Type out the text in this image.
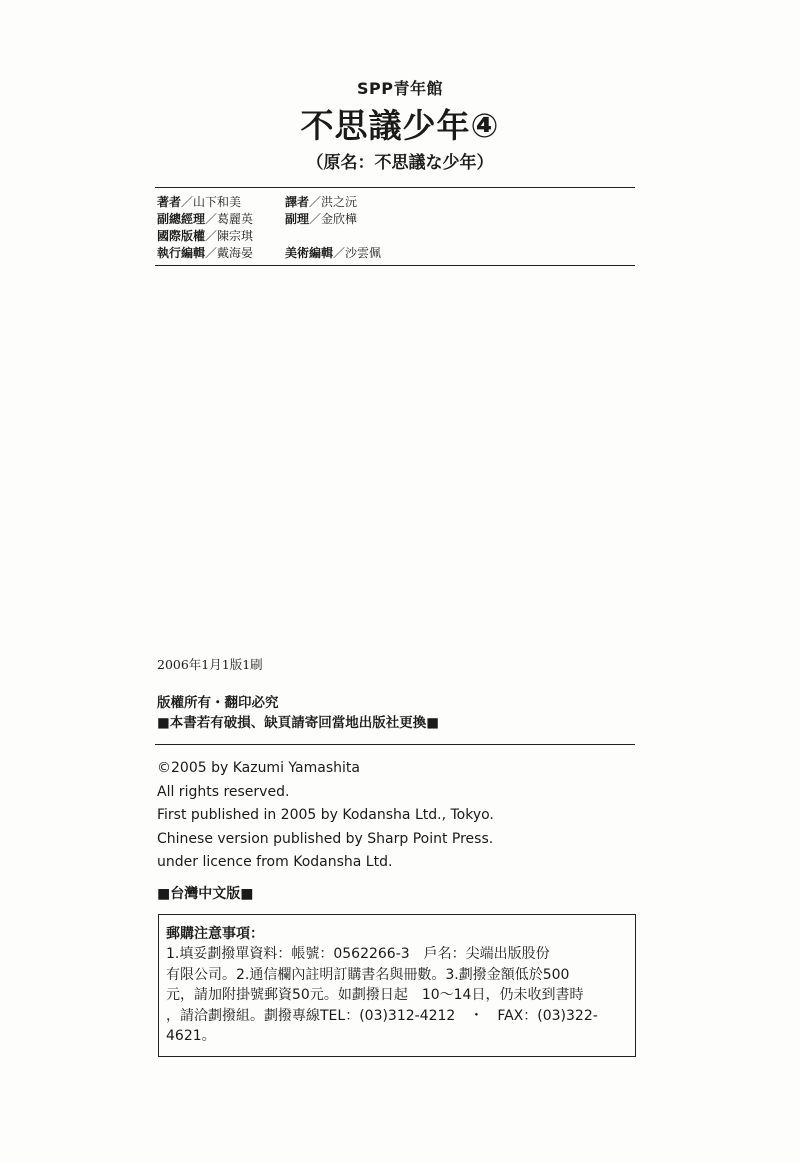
SPP青年館
不思議少年④
（原名：不思議な少年）
著者／山下和美	譯者／洪之沅
副總經理／葛麗英	副理／金欣樺
國際版權／陳宗琪
執行編輯／戴海晏	美術編輯／沙雲佩
2006年1月1版1刷
版權所有・翻印必究
■本書若有破損、缺頁請寄回當地出版社更換■
©2005 by Kazumi Yamashita
All rights reserved.
First published in 2005 by Kodansha Ltd., Tokyo.
Chinese version published by Sharp Point Press.
under licence from Kodansha Ltd.
■台灣中文版■
郵購注意事項：
1.填妥劃撥單資料：帳號：0562266-3　戶名：尖端出版股份
有限公司。2.通信欄內註明訂購書名與冊數。3.劃撥金額低於500
元，請加附掛號郵資50元。如劃撥日起　10～14日，仍未收到書時
，請洽劃撥組。劃撥專線TEL：(03)312-4212　・　FAX：(03)322-
4621。
